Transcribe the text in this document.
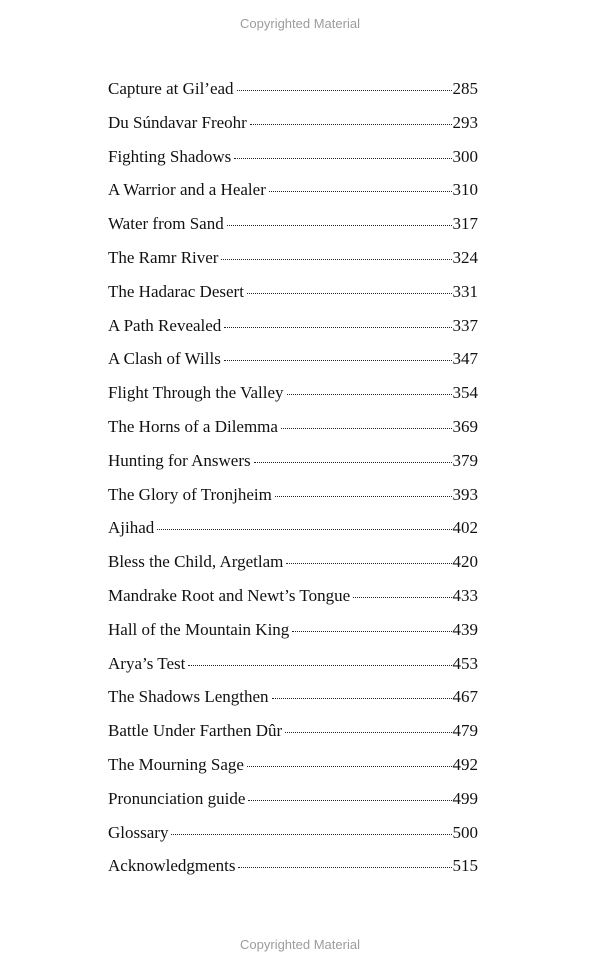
Copyrighted Material
Capture at Gil’ead	285
Du Súndavar Freohr	293
Fighting Shadows	300
A Warrior and a Healer	310
Water from Sand	317
The Ramr River	324
The Hadarac Desert	331
A Path Revealed	337
A Clash of Wills	347
Flight Through the Valley	354
The Horns of a Dilemma	369
Hunting for Answers	379
The Glory of Tronjheim	393
Ajihad	402
Bless the Child, Argetlam	420
Mandrake Root and Newt’s Tongue	433
Hall of the Mountain King	439
Arya’s Test	453
The Shadows Lengthen	467
Battle Under Farthen Dûr	479
The Mourning Sage	492
Pronunciation guide	499
Glossary	500
Acknowledgments	515
Copyrighted Material
